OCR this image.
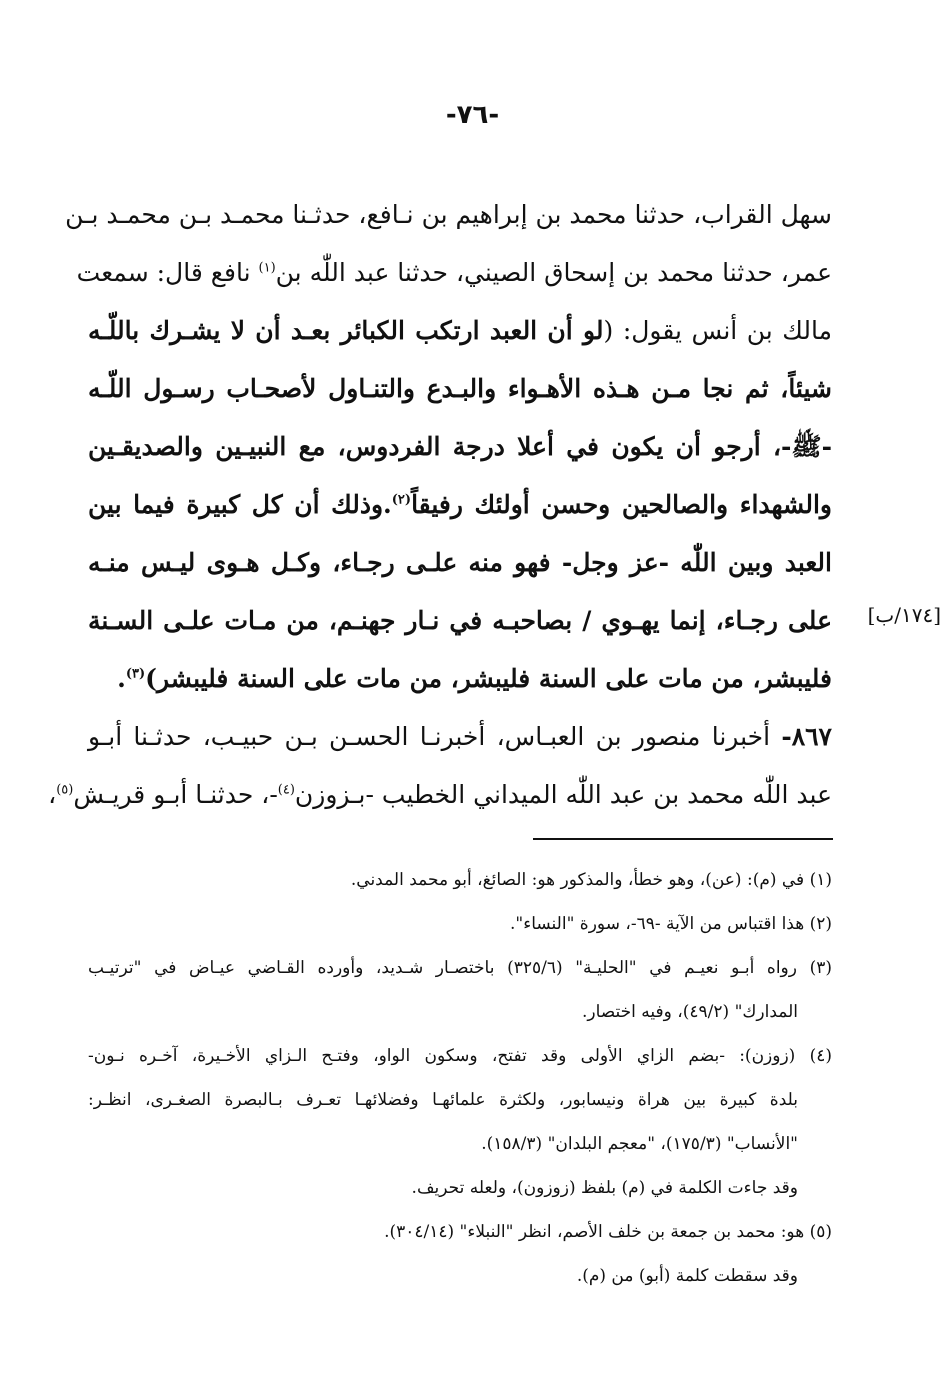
-٧٦-
سهل القراب، حدثنا محمد بن إبراهيم بن نـافع، حدثـنا محمـد بـن محمـد بـن
عمر، حدثنا محمد بن إسحاق الصيني، حدثنا عبد اللّٰه بن$^{(١)}$ نافع قال: سمعت
مالك بن أنس يقول: (لو أن العبد ارتكب الكبائر بعـد أن لا يشـرك باللّـه
شيئاً، ثم نجا مـن هـذه الأهـواء والبـدع والتنـاول لأصحـاب رسـول اللّـه
-ﷺ-، أرجو أن يكون في أعلا درجة الفردوس، مع النبيـين والصديقـين
والشهداء والصالحين وحسن أولئك رفيقاً$^{(٢)}$.وذلك أن كل كبيرة فيما بين
العبد وبين اللّٰه -عز وجل- فهو منه علـى رجـاء، وكـل هـوى ليـس منـه
على رجـاء، إنما يهـوي / بصاحبـه في نـار جهنـم، من مـات علـى السـنة
فليبشر، من مات على السنة فليبشر، من مات على السنة فليبشر)$^{(٣)}$.
٨٦٧- أخبرنا منصور بن العبـاس، أخبرنـا الحسـن بـن حبيـب، حدثـنا أبـو
عبد اللّٰه محمد بن عبد اللّٰه الميداني الخطيب -بـزوزن$^{(٤)}$-، حدثنـا أبـو قريـش$^{(٥)}$،
[١٧٤/ب]
(١) في (م): (عن)، وهو خطأ، والمذكور هو: الصائغ، أبو محمد المدني.
(٢) هذا اقتباس من الآية -٦٩-، سورة "النساء".
(٣) رواه أبـو نعيـم في "الحليـة" (٣٢٥/٦) باختصـار شـديد، وأورده القـاضي عيـاض في "ترتيـب
المدارك" (٤٩/٢)، وفيه اختصار.
(٤) (زوزن): -بضم الزاي الأولى وقد تفتح، وسكون الواو، وفتـح الـزاي الأخـيرة، آخـره نـون-
بلدة كبيرة بين هراة ونيسابور، ولكثرة علمائهـا وفضلائهـا تعـرف بـالبصرة الصغـرى، انظـر:
"الأنساب" (١٧٥/٣)، "معجم البلدان" (١٥٨/٣).
وقد جاءت الكلمة في (م) بلفظ (زوزون)، ولعله تحريف.
(٥) هو: محمد بن جمعة بن خلف الأصم، انظر "النبلاء" (٣٠٤/١٤).
وقد سقطت كلمة (أبو) من (م).
